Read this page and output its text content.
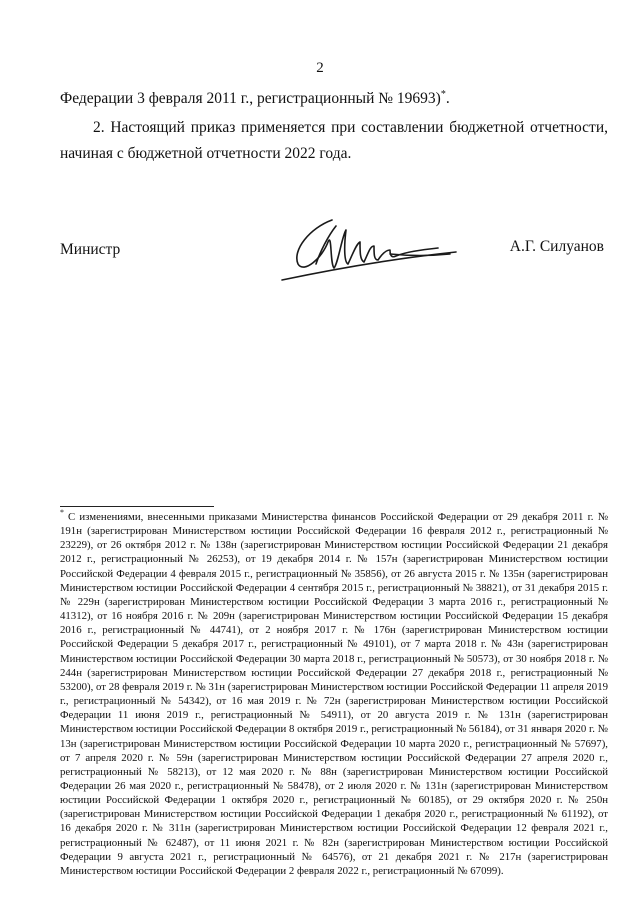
2
Федерации 3 февраля 2011 г., регистрационный № 19693)*.
2. Настоящий приказ применяется при составлении бюджетной отчетности, начиная с бюджетной отчетности 2022 года.
Министр	А.Г. Силуанов
* С изменениями, внесенными приказами Министерства финансов Российской Федерации от 29 декабря 2011 г. № 191н (зарегистрирован Министерством юстиции Российской Федерации 16 февраля 2012 г., регистрационный № 23229), от 26 октября 2012 г. № 138н (зарегистрирован Министерством юстиции Российской Федерации 21 декабря 2012 г., регистрационный № 26253), от 19 декабря 2014 г. № 157н (зарегистрирован Министерством юстиции Российской Федерации 4 февраля 2015 г., регистрационный № 35856), от 26 августа 2015 г. № 135н (зарегистрирован Министерством юстиции Российской Федерации 4 сентября 2015 г., регистрационный № 38821), от 31 декабря 2015 г. № 229н (зарегистрирован Министерством юстиции Российской Федерации 3 марта 2016 г., регистрационный № 41312), от 16 ноября 2016 г. № 209н (зарегистрирован Министерством юстиции Российской Федерации 15 декабря 2016 г., регистрационный № 44741), от 2 ноября 2017 г. № 176н (зарегистрирован Министерством юстиции Российской Федерации 5 декабря 2017 г., регистрационный № 49101), от 7 марта 2018 г. № 43н (зарегистрирован Министерством юстиции Российской Федерации 30 марта 2018 г., регистрационный № 50573), от 30 ноября 2018 г. № 244н (зарегистрирован Министерством юстиции Российской Федерации 27 декабря 2018 г., регистрационный № 53200), от 28 февраля 2019 г. № 31н (зарегистрирован Министерством юстиции Российской Федерации 11 апреля 2019 г., регистрационный № 54342), от 16 мая 2019 г. № 72н (зарегистрирован Министерством юстиции Российской Федерации 11 июня 2019 г., регистрационный № 54911), от 20 августа 2019 г. № 131н (зарегистрирован Министерством юстиции Российской Федерации 8 октября 2019 г., регистрационный № 56184), от 31 января 2020 г. № 13н (зарегистрирован Министерством юстиции Российской Федерации 10 марта 2020 г., регистрационный № 57697), от 7 апреля 2020 г. № 59н (зарегистрирован Министерством юстиции Российской Федерации 27 апреля 2020 г., регистрационный № 58213), от 12 мая 2020 г. № 88н (зарегистрирован Министерством юстиции Российской Федерации 26 мая 2020 г., регистрационный № 58478), от 2 июля 2020 г. № 131н (зарегистрирован Министерством юстиции Российской Федерации 1 октября 2020 г., регистрационный № 60185), от 29 октября 2020 г. № 250н (зарегистрирован Министерством юстиции Российской Федерации 1 декабря 2020 г., регистрационный № 61192), от 16 декабря 2020 г. № 311н (зарегистрирован Министерством юстиции Российской Федерации 12 февраля 2021 г., регистрационный № 62487), от 11 июня 2021 г. № 82н (зарегистрирован Министерством юстиции Российской Федерации 9 августа 2021 г., регистрационный № 64576), от 21 декабря 2021 г. № 217н (зарегистрирован Министерством юстиции Российской Федерации 2 февраля 2022 г., регистрационный № 67099).
